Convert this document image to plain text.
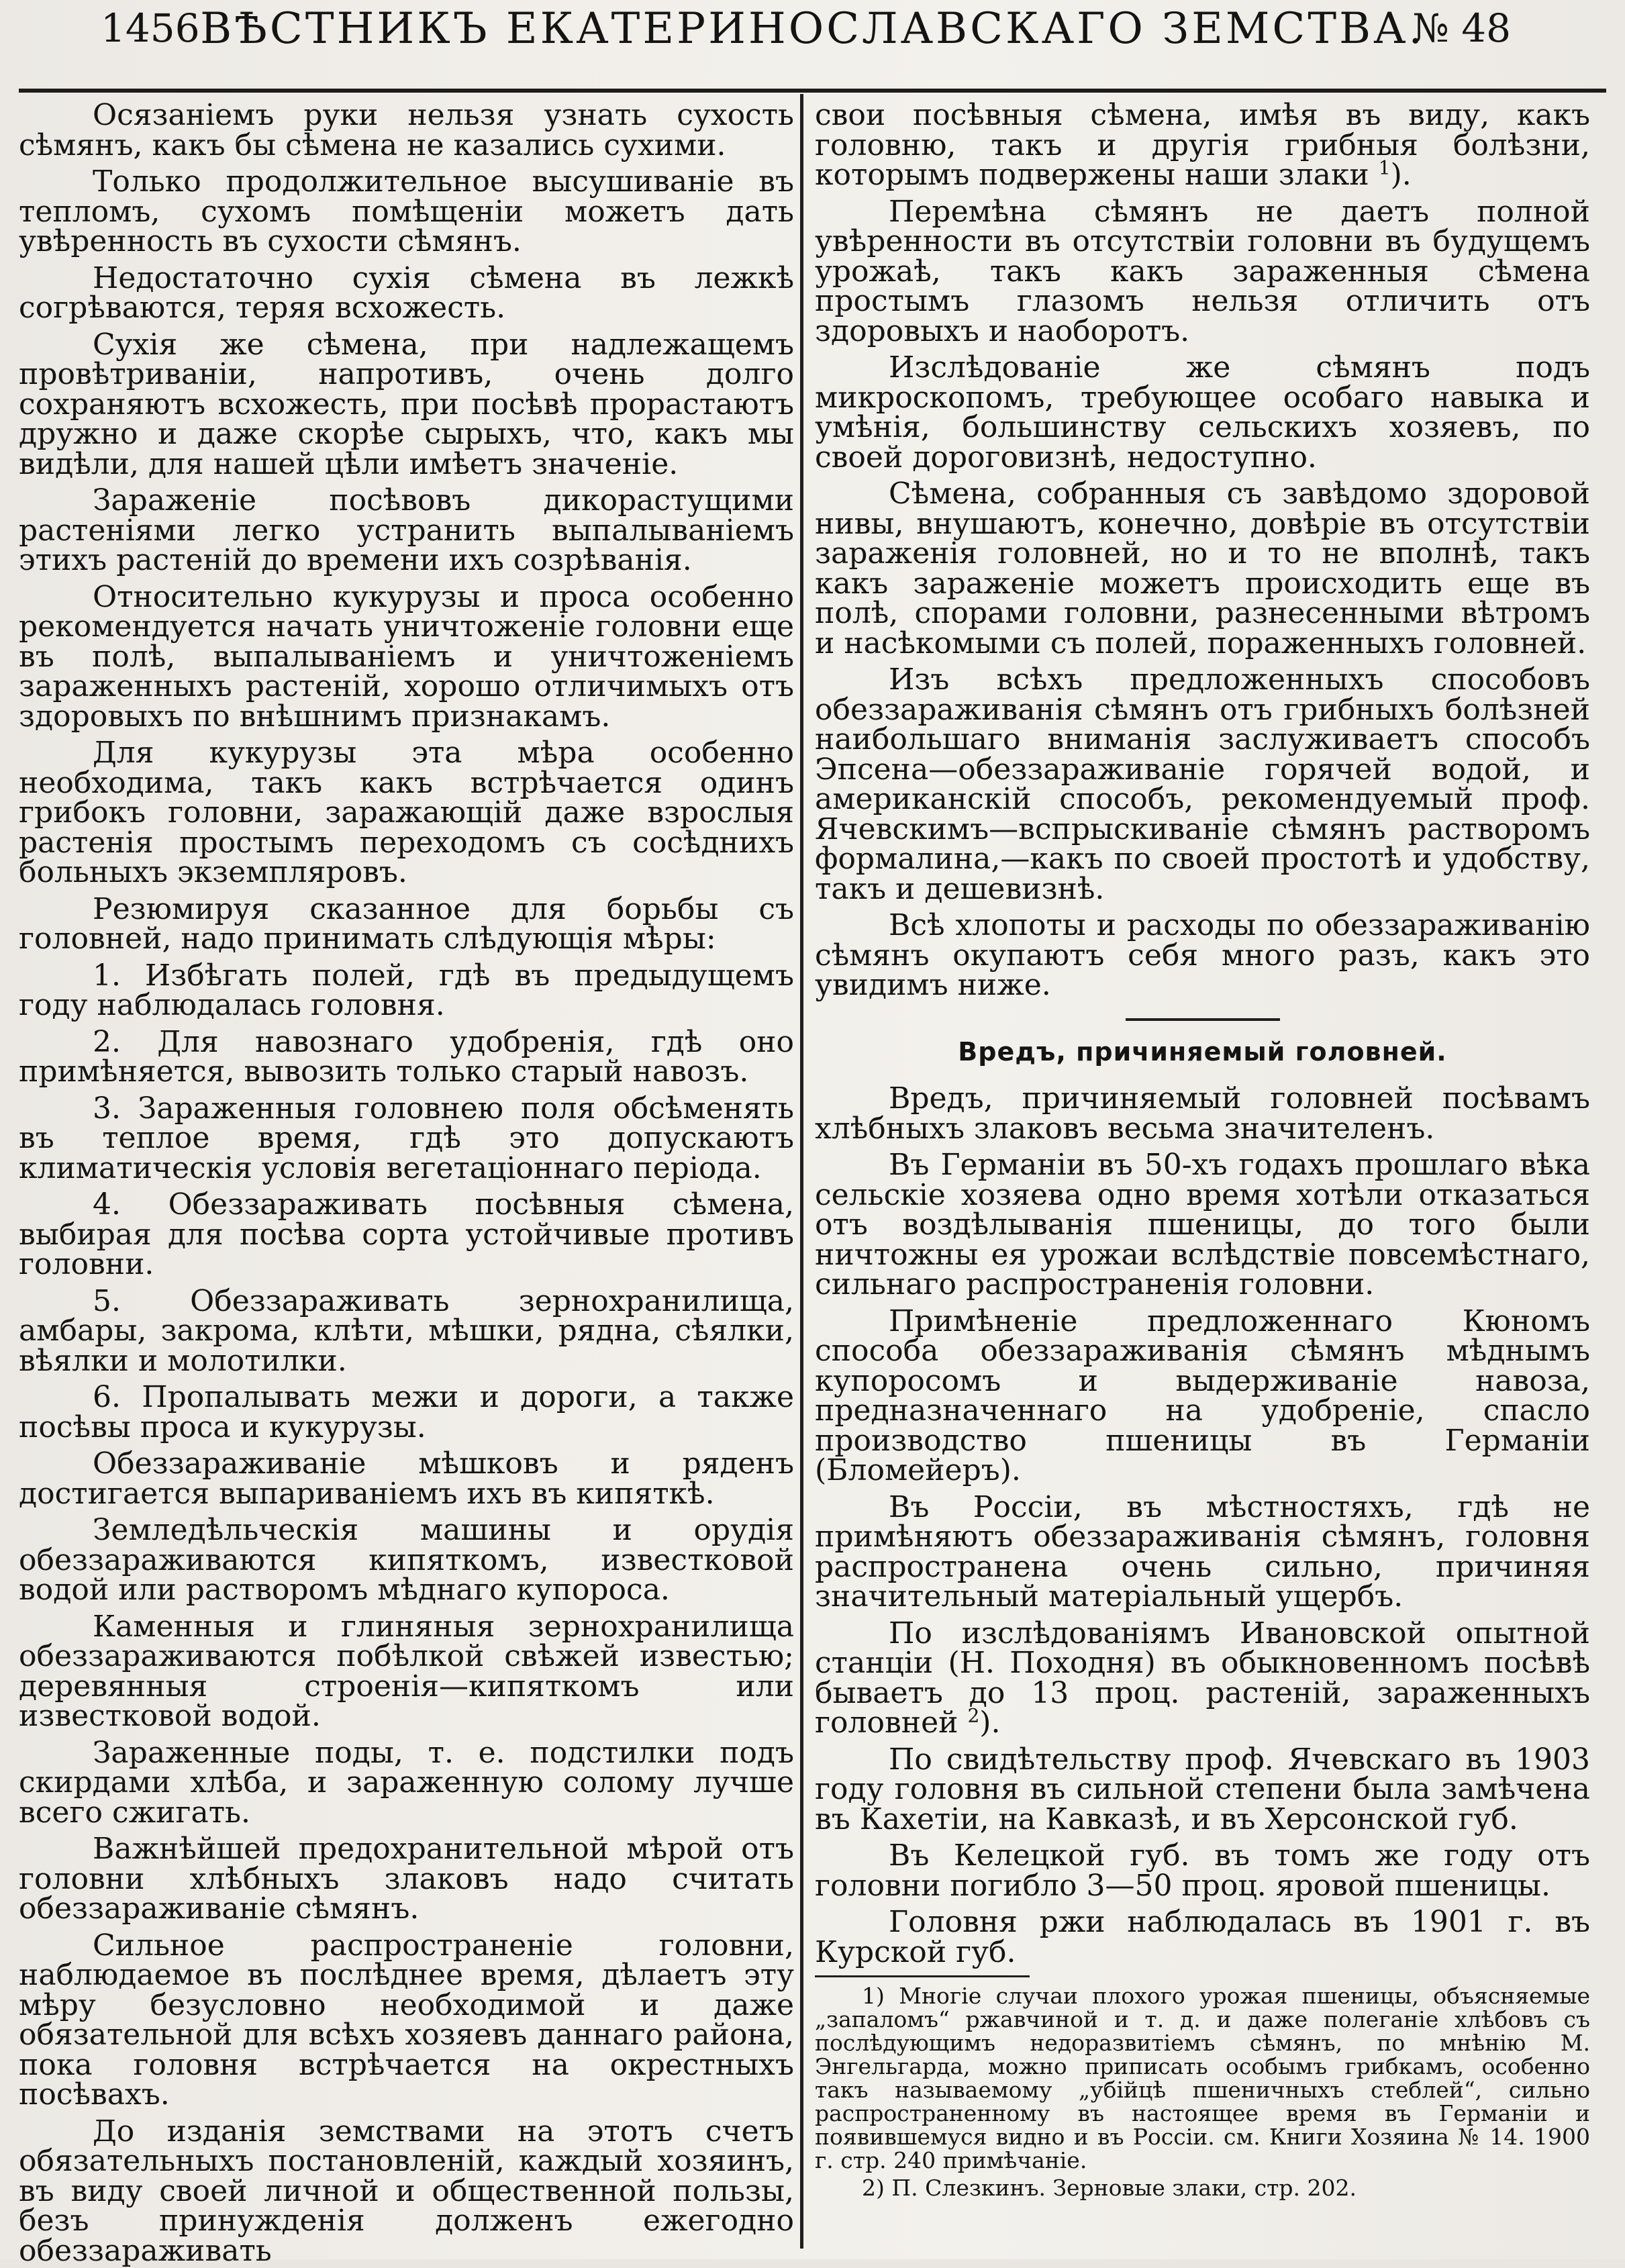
1456 ВѢСТНИКЪ ЕКАТЕРИНОСЛАВСКАГО ЗЕМСТВА.
№ 48

Осязаніемъ руки нельзя узнать сухость сѣмянъ, какъ бы сѣмена не казались сухими.

Только продолжительное высушиваніе въ тепломъ, сухомъ помѣщеніи можетъ дать увѣренность въ сухости сѣмянъ.

Недостаточно сухія сѣмена въ лежкѣ согрѣваются, теряя всхожесть.

Сухія же сѣмена, при надлежащемъ провѣтриваніи, напротивъ, очень долго сохраняютъ всхожесть, при посѣвѣ прорастаютъ дружно и даже скорѣе сырыхъ, что, какъ мы видѣли, для нашей цѣли имѣетъ значеніе.

Зараженіе посѣвовъ дикорастущими растеніями легко устранить выпалываніемъ этихъ растеній до времени ихъ созрѣванія.

Относительно кукурузы и проса особенно рекомендуется начать уничтоженіе головни еще въ полѣ, выпалываніемъ и уничтоженіемъ зараженныхъ растеній, хорошо отличимыхъ отъ здоровыхъ по внѣшнимъ признакамъ.

Для кукурузы эта мѣра особенно необходима, такъ какъ встрѣчается одинъ грибокъ головни, заражающій даже взрослыя растенія простымъ переходомъ съ сосѣднихъ больныхъ экземпляровъ.

Резюмируя сказанное для борьбы съ головней, надо принимать слѣдующія мѣры:

1. Избѣгать полей, гдѣ въ предыдущемъ году наблюдалась головня.

2. Для навознаго удобренія, гдѣ оно примѣняется, вывозить только старый навозъ.

3. Зараженныя головнею поля обсѣменять въ теплое время, гдѣ это допускаютъ климатическія условія вегетаціоннаго періода.

4. Обеззараживать посѣвныя сѣмена, выбирая для посѣва сорта устойчивые противъ головни.

5. Обеззараживать зернохранилища, амбары, закрома, клѣти, мѣшки, рядна, сѣялки, вѣялки и молотилки.

6. Пропалывать межи и дороги, а также посѣвы проса и кукурузы.

Обеззараживаніе мѣшковъ и ряденъ достигается выпариваніемъ ихъ въ кипяткѣ.

Земледѣльческія машины и орудія обеззараживаются кипяткомъ, известковой водой или растворомъ мѣднаго купороса.

Каменныя и глиняныя зернохранилища обеззараживаются побѣлкой свѣжей известью; деревянныя строенія—кипяткомъ или известковой водой.

Зараженные поды, т. е. подстилки подъ скирдами хлѣба, и зараженную солому лучше всего сжигать.

Важнѣйшей предохранительной мѣрой отъ головни хлѣбныхъ злаковъ надо считать обеззараживаніе сѣмянъ.

Сильное распространеніе головни, наблюдаемое въ послѣднее время, дѣлаетъ эту мѣру безусловно необходимой и даже обязательной для всѣхъ хозяевъ даннаго района, пока головня встрѣчается на окрестныхъ посѣвахъ.

До изданія земствами на этотъ счетъ обязательныхъ постановленій, каждый хозяинъ, въ виду своей личной и общественной пользы, безъ принужденія долженъ ежегодно обеззараживать

свои посѣвныя сѣмена, имѣя въ виду, какъ головню, такъ и другія грибныя болѣзни, которымъ подвержены наши злаки $^1$).

Перемѣна сѣмянъ не даетъ полной увѣренности въ отсутствіи головни въ будущемъ урожаѣ, такъ какъ зараженныя сѣмена простымъ глазомъ нельзя отличить отъ здоровыхъ и наоборотъ.

Изслѣдованіе же сѣмянъ подъ микроскопомъ, требующее особаго навыка и умѣнія, большинству сельскихъ хозяевъ, по своей дороговизнѣ, недоступно.

Сѣмена, собранныя съ завѣдомо здоровой нивы, внушаютъ, конечно, довѣріе въ отсутствіи зараженія головней, но и то не вполнѣ, такъ какъ зараженіе можетъ происходить еще въ полѣ, спорами головни, разнесенными вѣтромъ и насѣкомыми съ полей, пораженныхъ головней.

Изъ всѣхъ предложенныхъ способовъ обеззараживанія сѣмянъ отъ грибныхъ болѣзней наибольшаго вниманія заслуживаетъ способъ Эпсена—обеззараживаніе горячей водой, и американскій способъ, рекомендуемый проф. Ячевскимъ—вспрыскиваніе сѣмянъ растворомъ формалина,—какъ по своей простотѣ и удобству, такъ и дешевизнѣ.

Всѣ хлопоты и расходы по обеззараживанію сѣмянъ окупаютъ себя много разъ, какъ это увидимъ ниже.

Вредъ, причиняемый головней.

Вредъ, причиняемый головней посѣвамъ хлѣбныхъ злаковъ весьма значителенъ.

Въ Германіи въ 50-хъ годахъ прошлаго вѣка сельскіе хозяева одно время хотѣли отказаться отъ воздѣлыванія пшеницы, до того были ничтожны ея урожаи вслѣдствіе повсемѣстнаго, сильнаго распространенія головни.

Примѣненіе предложеннаго Кюномъ способа обеззараживанія сѣмянъ мѣднымъ купоросомъ и выдерживаніе навоза, предназначеннаго на удобреніе, спасло производство пшеницы въ Германіи (Бломейеръ).

Въ Россіи, въ мѣстностяхъ, гдѣ не примѣняютъ обеззараживанія сѣмянъ, головня распространена очень сильно, причиняя значительный матеріальный ущербъ.

По изслѣдованіямъ Ивановской опытной станціи (Н. Походня) въ обыкновенномъ посѣвѣ бываетъ до 13 проц. растеній, зараженныхъ головней $^2$).

По свидѣтельству проф. Ячевскаго въ 1903 году головня въ сильной степени была замѣчена въ Кахетіи, на Кавказѣ, и въ Херсонской губ.

Въ Келецкой губ. въ томъ же году отъ головни погибло 3—50 проц. яровой пшеницы.

Головня ржи наблюдалась въ 1901 г. въ Курской губ.

1) Многіе случаи плохого урожая пшеницы, объясняемые „запаломъ“ ржавчиной и т. д. и даже полеганіе хлѣбовъ съ послѣдующимъ недоразвитіемъ сѣмянъ, по мнѣнію М. Энгельгарда, можно приписать особымъ грибкамъ, особенно такъ называемому „убійцѣ пшеничныхъ стеблей“, сильно распространенному въ настоящее время въ Германіи и появившемуся видно и въ Россіи. см. Книги Хозяина № 14. 1900 г. стр. 240 примѣчаніе.

2) П. Слезкинъ. Зерновые злаки, стр. 202.
